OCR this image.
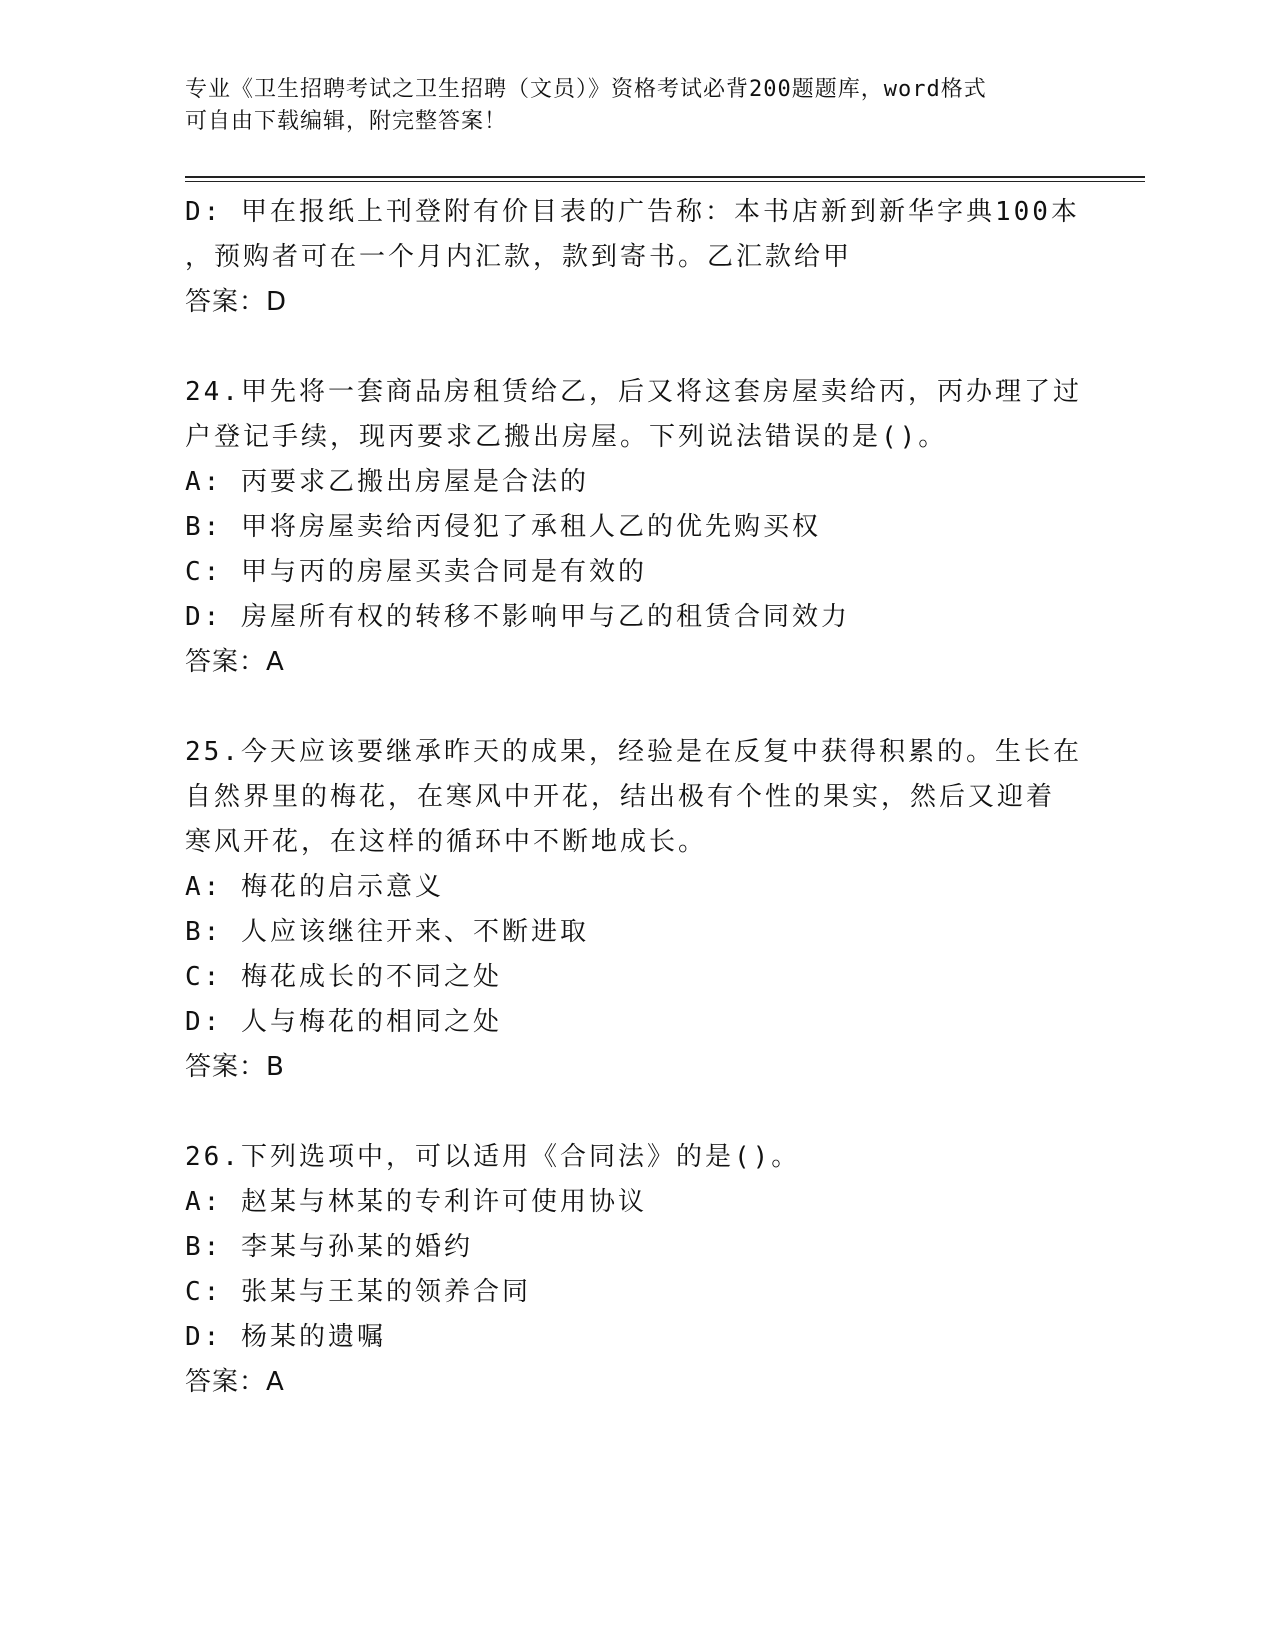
专业《卫生招聘考试之卫生招聘（文员）》资格考试必背200题题库，word格式
可自由下载编辑，附完整答案！
D: 甲在报纸上刊登附有价目表的广告称：本书店新到新华字典100本
，预购者可在一个月内汇款，款到寄书。乙汇款给甲
答案：D
24.甲先将一套商品房租赁给乙，后又将这套房屋卖给丙，丙办理了过
户登记手续，现丙要求乙搬出房屋。下列说法错误的是()。
A: 丙要求乙搬出房屋是合法的
B: 甲将房屋卖给丙侵犯了承租人乙的优先购买权
C: 甲与丙的房屋买卖合同是有效的
D: 房屋所有权的转移不影响甲与乙的租赁合同效力
答案：A
25.今天应该要继承昨天的成果，经验是在反复中获得积累的。生长在
自然界里的梅花，在寒风中开花，结出极有个性的果实，然后又迎着
寒风开花，在这样的循环中不断地成长。
A: 梅花的启示意义
B: 人应该继往开来、不断进取
C: 梅花成长的不同之处
D: 人与梅花的相同之处
答案：B
26.下列选项中，可以适用《合同法》的是()。
A: 赵某与林某的专利许可使用协议
B: 李某与孙某的婚约
C: 张某与王某的领养合同
D: 杨某的遗嘱
答案：A
